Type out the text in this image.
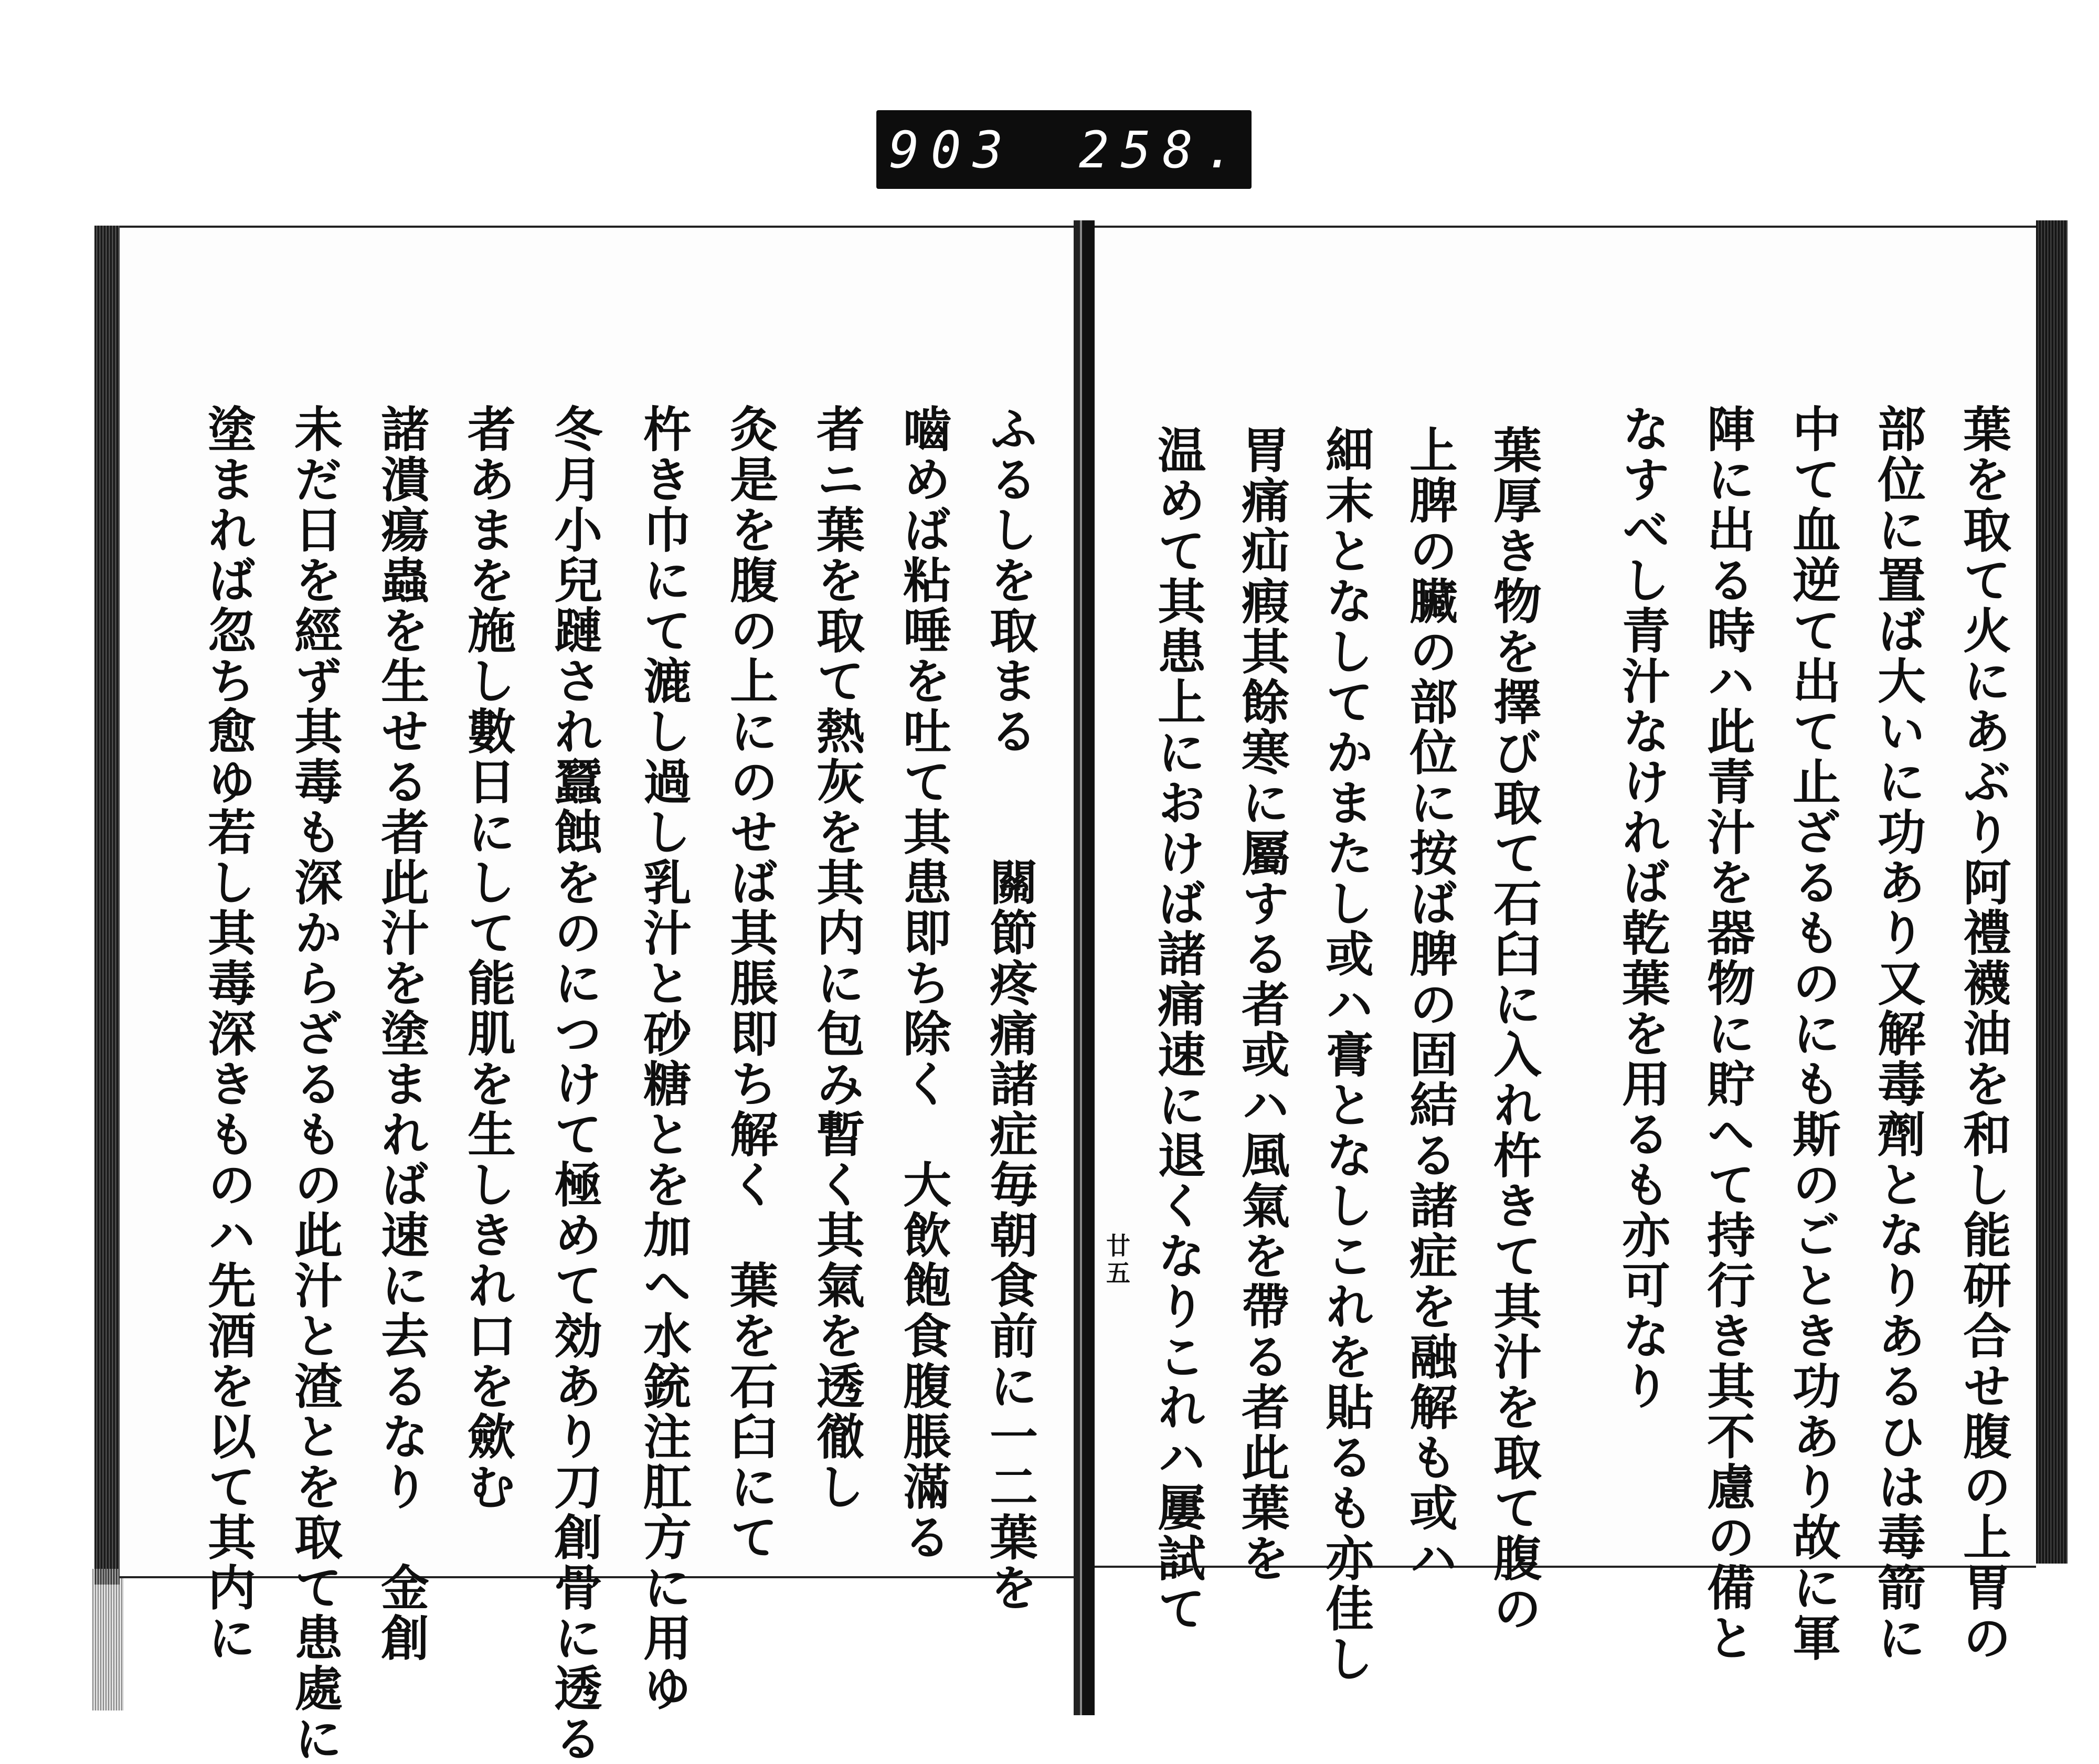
903 258.
葉を取て火にあぶり阿禮襪油を和し能研合せ腹の上胃の
部位に置ば大いに功あり又解毒劑となりあるひは毒箭に
中て血逆て出て止ざるものにも斯のごとき功あり故に軍
陣に出る時ハ此青汁を器物に貯へて持行き其不慮の備と
なすべし青汁なければ乾葉を用るも亦可なり
葉厚き物を擇び取て石臼に入れ杵きて其汁を取て腹の
上脾の臟の部位に按ば脾の固結る諸症を融解も或ハ
細末となしてかまたし或ハ膏となしこれを貼るも亦佳し
胃痛疝瘕其餘寒に屬する者或ハ風氣を帶る者此葉を
温めて其患上におけば諸痛速に退くなりこれハ屢試て
廿五
ふるしを取まる　　關節疼痛諸症毎朝食前に一二葉を
嚙めば粘唾を吐て其患即ち除く　大飲飽食腹脹滿る
者ニ葉を取て熱灰を其内に包み暫く其氣を透徹し
灸是を腹の上にのせば其脹即ち解く　葉を石臼にて
杵き巾にて漉し過し乳汁と砂糖とを加へ水銃注肛方に用ゆ
冬月小兒蹥され蠶蝕をのにつけて極めて効あり刀創骨に透る
者あまを施し數日にして能肌を生しきれ口を歛む
諸潰瘍蟲を生せる者此汁を塗まれば速に去るなり　金創
未だ日を經ず其毒も深からざるもの此汁と渣とを取て患處に
塗まれば忽ち愈ゆ若し其毒深きものハ先酒を以て其内に
